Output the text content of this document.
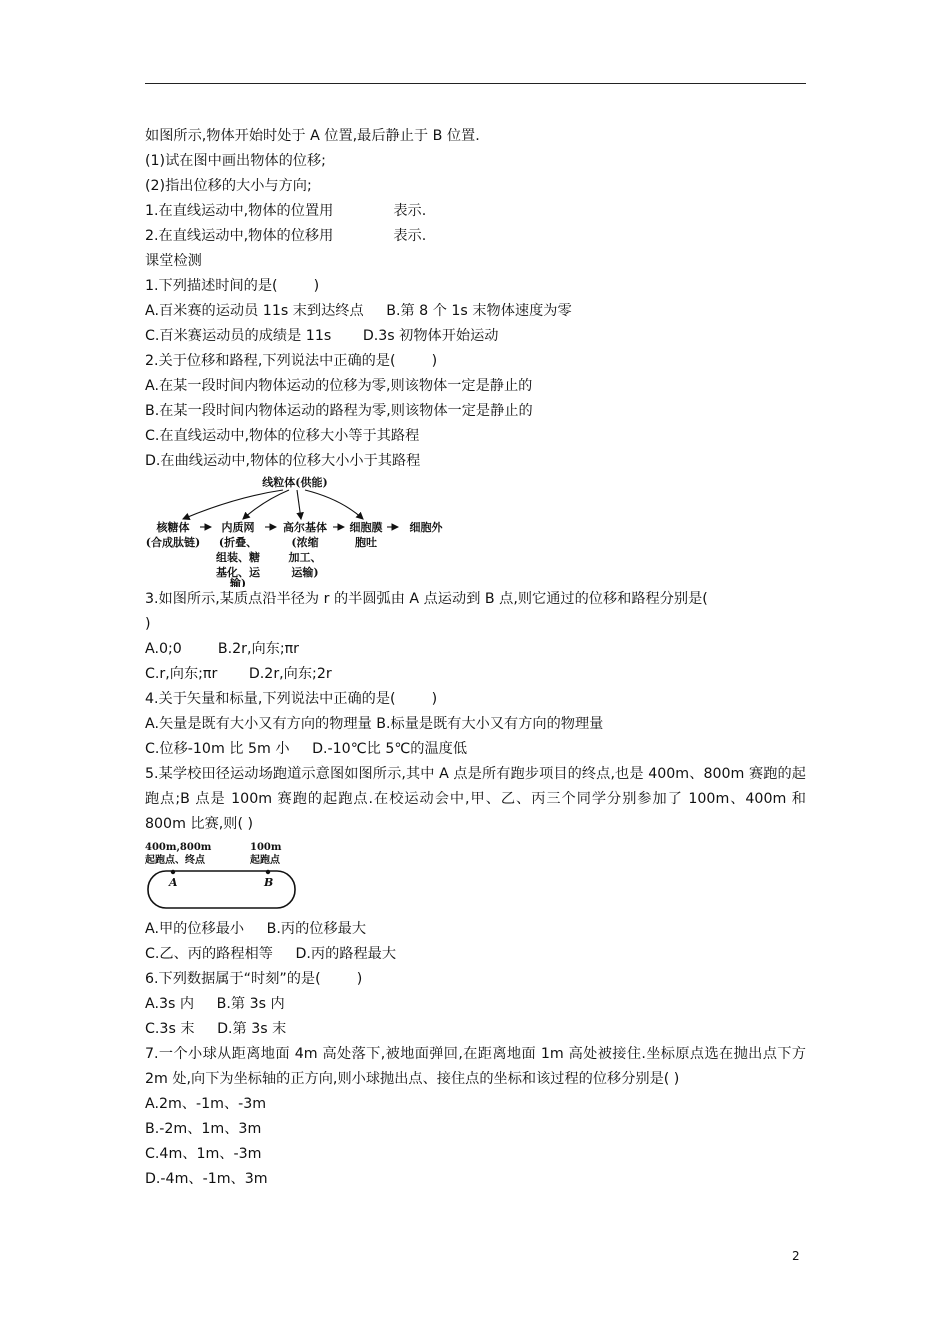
如图所示,物体开始时处于 A 位置,最后静止于 B 位置.
(1)试在图中画出物体的位移;
(2)指出位移的大小与方向;
1.在直线运动中,物体的位置用	表示.
2.在直线运动中,物体的位移用	表示.
课堂检测
1.下列描述时间的是(        )
A.百米赛的运动员 11s 末到达终点     B.第 8 个 1s 末物体速度为零
C.百米赛运动员的成绩是 11s       D.3s 初物体开始运动
2.关于位移和路程,下列说法中正确的是(        )
A.在某一段时间内物体运动的位移为零,则该物体一定是静止的
B.在某一段时间内物体运动的路程为零,则该物体一定是静止的
C.在直线运动中,物体的位移大小等于其路程
D.在曲线运动中,物体的位移大小小于其路程
线粒体(供能)
核糖体	内质网	高尔基体 细胞膜 细胞外
(合成肽链) (折叠、
组装、糖
基化、运
输)
(浓缩
加工、
运输)
胞吐
3.如图所示,某质点沿半径为 r 的半圆弧由 A 点运动到 B 点,则它通过的位移和路程分别是(
)
A.0;0        B.2r,向东;πr
C.r,向东;πr       D.2r,向东;2r
4.关于矢量和标量,下列说法中正确的是(        )
A.矢量是既有大小又有方向的物理量 B.标量是既有大小又有方向的物理量
C.位移-10m 比 5m 小     D.-10℃比 5℃的温度低
5.某学校田径运动场跑道示意图如图所示,其中 A 点是所有跑步项目的终点,也是 400m、800m 赛跑的起跑点;B 点是 100m 赛跑的起跑点.在校运动会中,甲、乙、丙三个同学分别参加了 100m、400m 和 800m 比赛,则( )
400m,800m
起跑点、终点
100m
起跑点
A	B
A.甲的位移最小     B.丙的位移最大
C.乙、丙的路程相等     D.丙的路程最大
6.下列数据属于“时刻”的是(        )
A.3s 内     B.第 3s 内
C.3s 末     D.第 3s 末
7.一个小球从距离地面 4m 高处落下,被地面弹回,在距离地面 1m 高处被接住.坐标原点选在抛出点下方 2m 处,向下为坐标轴的正方向,则小球抛出点、接住点的坐标和该过程的位移分别是( )
A.2m、-1m、-3m
B.-2m、1m、3m
C.4m、1m、-3m
D.-4m、-1m、3m
2
